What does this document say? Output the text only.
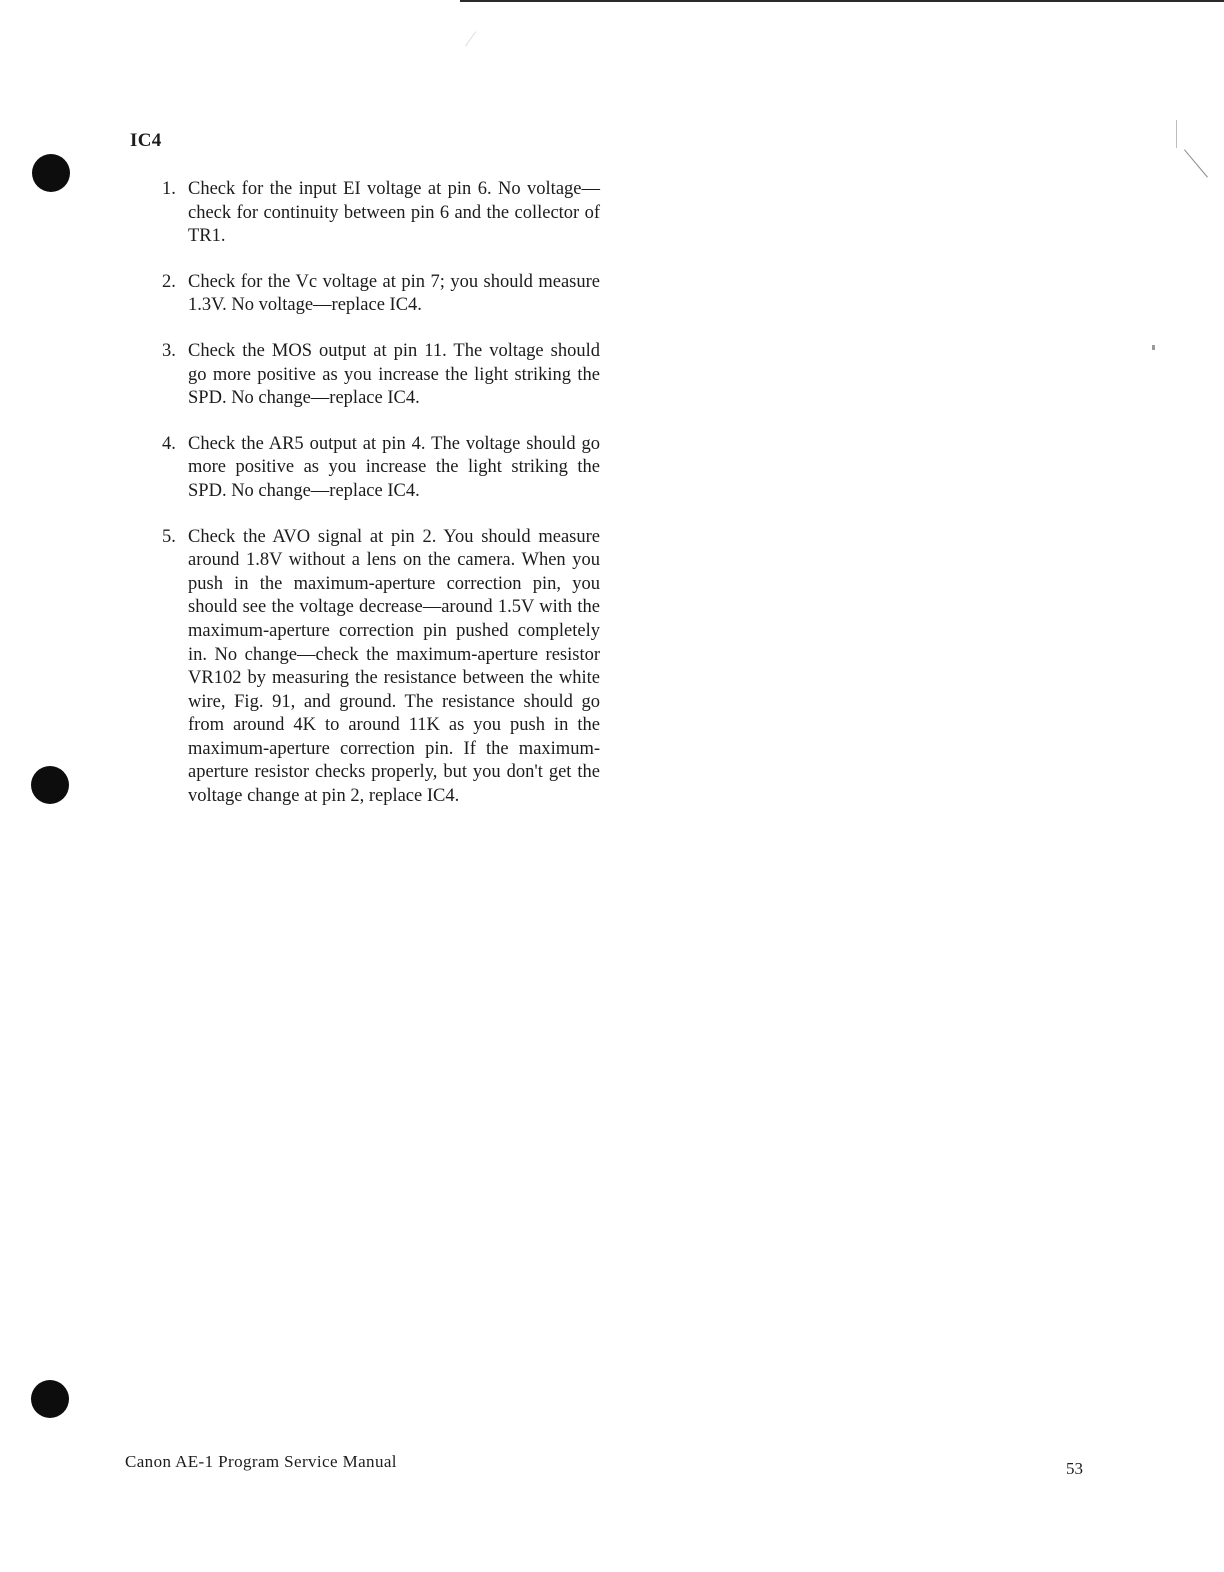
IC4
1. Check for the input EI voltage at pin 6. No voltage—check for continuity between pin 6 and the collector of TR1.
2. Check for the Vc voltage at pin 7; you should measure 1.3V. No voltage—replace IC4.
3. Check the MOS output at pin 11. The voltage should go more positive as you increase the light striking the SPD. No change—replace IC4.
4. Check the AR5 output at pin 4. The voltage should go more positive as you increase the light striking the SPD. No change—replace IC4.
5. Check the AVO signal at pin 2. You should measure around 1.8V without a lens on the camera. When you push in the maximum-aperture correction pin, you should see the voltage decrease—around 1.5V with the maximum-aperture correction pin pushed completely in. No change—check the maximum-aperture resistor VR102 by measuring the resistance between the white wire, Fig. 91, and ground. The resistance should go from around 4K to around 11K as you push in the maximum-aperture correction pin. If the maximum-aperture resistor checks properly, but you don't get the voltage change at pin 2, replace IC4.
Canon AE-1 Program Service Manual	53
